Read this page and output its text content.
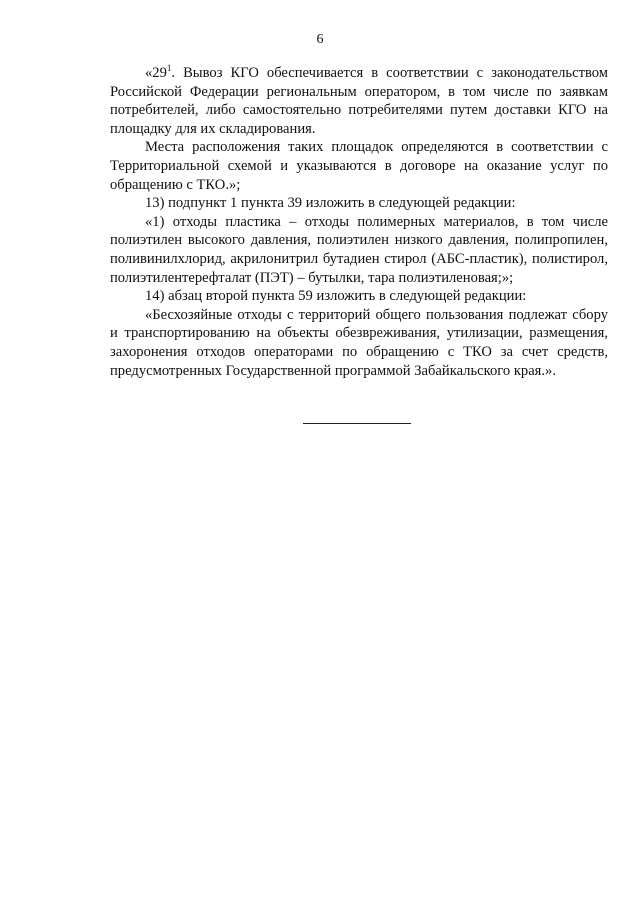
6

«$29^1$. Вывоз КГО обеспечивается в соответствии с законодательством Российской Федерации региональным оператором, в том числе по заявкам потребителей, либо самостоятельно потребителями путем доставки КГО на площадку для их складирования.

Места расположения таких площадок определяются в соответствии с Территориальной схемой и указываются в договоре на оказание услуг по обращению с ТКО.»;

13) подпункт 1 пункта 39 изложить в следующей редакции:

«1) отходы пластика – отходы полимерных материалов, в том числе полиэтилен высокого давления, полиэтилен низкого давления, полипропилен, поливинилхлорид, акрилонитрил бутадиен стирол (АБС-пластик), полистирол, полиэтилентерефталат (ПЭТ) – бутылки, тара полиэтиленовая;»;

14) абзац второй пункта 59 изложить в следующей редакции:

«Бесхозяйные отходы с территорий общего пользования подлежат сбору и транспортированию на объекты обезвреживания, утилизации, размещения, захоронения отходов операторами по обращению с ТКО за счет средств, предусмотренных Государственной программой Забайкальского края.».
